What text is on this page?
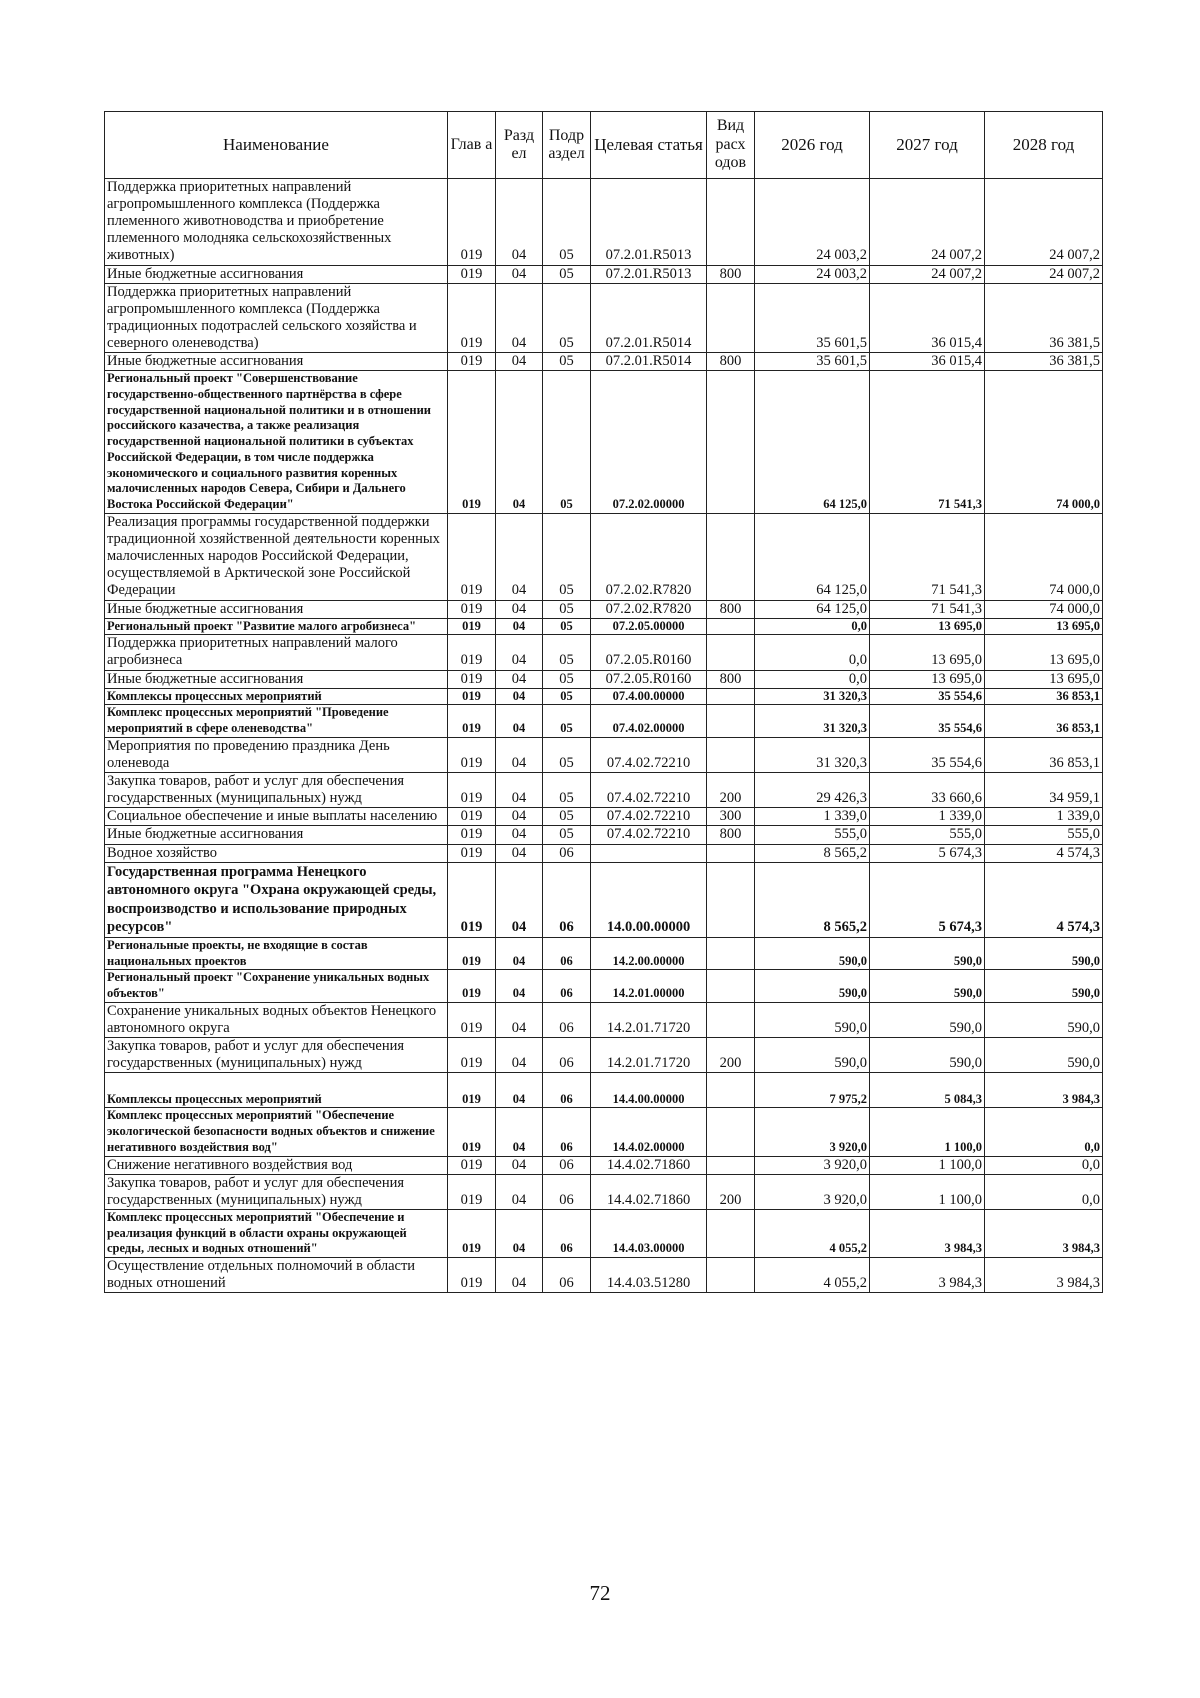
Наименование	Глав а	Разд ел	Подр аздел	Целевая статья	Вид расх одов	2026 год	2027 год	2028 год
Поддержка приоритетных направлений агропромышленного комплекса (Поддержка племенного животноводства и приобретение племенного молодняка сельскохозяйственных животных)	019	04	05	07.2.01.R5013		24 003,2	24 007,2	24 007,2
Иные бюджетные ассигнования	019	04	05	07.2.01.R5013	800	24 003,2	24 007,2	24 007,2
Поддержка приоритетных направлений агропромышленного комплекса (Поддержка традиционных подотраслей сельского хозяйства и северного оленеводства)	019	04	05	07.2.01.R5014		35 601,5	36 015,4	36 381,5
Иные бюджетные ассигнования	019	04	05	07.2.01.R5014	800	35 601,5	36 015,4	36 381,5
Региональный проект "Совершенствование государственно-общественного партнёрства в сфере государственной национальной политики и в отношении российского казачества, а также реализация государственной национальной политики в субъектах Российской Федерации, в том числе поддержка экономического и социального развития коренных малочисленных народов Севера, Сибири и Дальнего Востока Российской Федерации"	019	04	05	07.2.02.00000		64 125,0	71 541,3	74 000,0
Реализация программы государственной поддержки традиционной хозяйственной деятельности коренных малочисленных народов Российской Федерации, осуществляемой в Арктической зоне Российской Федерации	019	04	05	07.2.02.R7820		64 125,0	71 541,3	74 000,0
Иные бюджетные ассигнования	019	04	05	07.2.02.R7820	800	64 125,0	71 541,3	74 000,0
Региональный проект "Развитие малого агробизнеса"	019	04	05	07.2.05.00000		0,0	13 695,0	13 695,0
Поддержка приоритетных направлений малого агробизнеса	019	04	05	07.2.05.R0160		0,0	13 695,0	13 695,0
Иные бюджетные ассигнования	019	04	05	07.2.05.R0160	800	0,0	13 695,0	13 695,0
Комплексы процессных мероприятий	019	04	05	07.4.00.00000		31 320,3	35 554,6	36 853,1
Комплекс процессных мероприятий "Проведение мероприятий в сфере оленеводства"	019	04	05	07.4.02.00000		31 320,3	35 554,6	36 853,1
Мероприятия по проведению праздника День оленевода	019	04	05	07.4.02.72210		31 320,3	35 554,6	36 853,1
Закупка товаров, работ и услуг для обеспечения государственных (муниципальных) нужд	019	04	05	07.4.02.72210	200	29 426,3	33 660,6	34 959,1
Социальное обеспечение и иные выплаты населению	019	04	05	07.4.02.72210	300	1 339,0	1 339,0	1 339,0
Иные бюджетные ассигнования	019	04	05	07.4.02.72210	800	555,0	555,0	555,0
Водное хозяйство	019	04	06			8 565,2	5 674,3	4 574,3
Государственная программа Ненецкого автономного округа "Охрана окружающей среды, воспроизводство и использование природных ресурсов"	019	04	06	14.0.00.00000		8 565,2	5 674,3	4 574,3
Региональные проекты, не входящие в состав национальных проектов	019	04	06	14.2.00.00000		590,0	590,0	590,0
Региональный проект "Сохранение уникальных водных объектов"	019	04	06	14.2.01.00000		590,0	590,0	590,0
Сохранение уникальных водных объектов Ненецкого автономного округа	019	04	06	14.2.01.71720		590,0	590,0	590,0
Закупка товаров, работ и услуг для обеспечения государственных (муниципальных) нужд	019	04	06	14.2.01.71720	200	590,0	590,0	590,0
Комплексы процессных мероприятий	019	04	06	14.4.00.00000		7 975,2	5 084,3	3 984,3
Комплекс процессных мероприятий "Обеспечение экологической безопасности водных объектов и снижение негативного воздействия вод"	019	04	06	14.4.02.00000		3 920,0	1 100,0	0,0
Снижение негативного воздействия вод	019	04	06	14.4.02.71860		3 920,0	1 100,0	0,0
Закупка товаров, работ и услуг для обеспечения государственных (муниципальных) нужд	019	04	06	14.4.02.71860	200	3 920,0	1 100,0	0,0
Комплекс процессных мероприятий "Обеспечение и реализация функций в области охраны окружающей среды, лесных и водных отношений"	019	04	06	14.4.03.00000		4 055,2	3 984,3	3 984,3
Осуществление отдельных полномочий в области водных отношений	019	04	06	14.4.03.51280		4 055,2	3 984,3	3 984,3
72
